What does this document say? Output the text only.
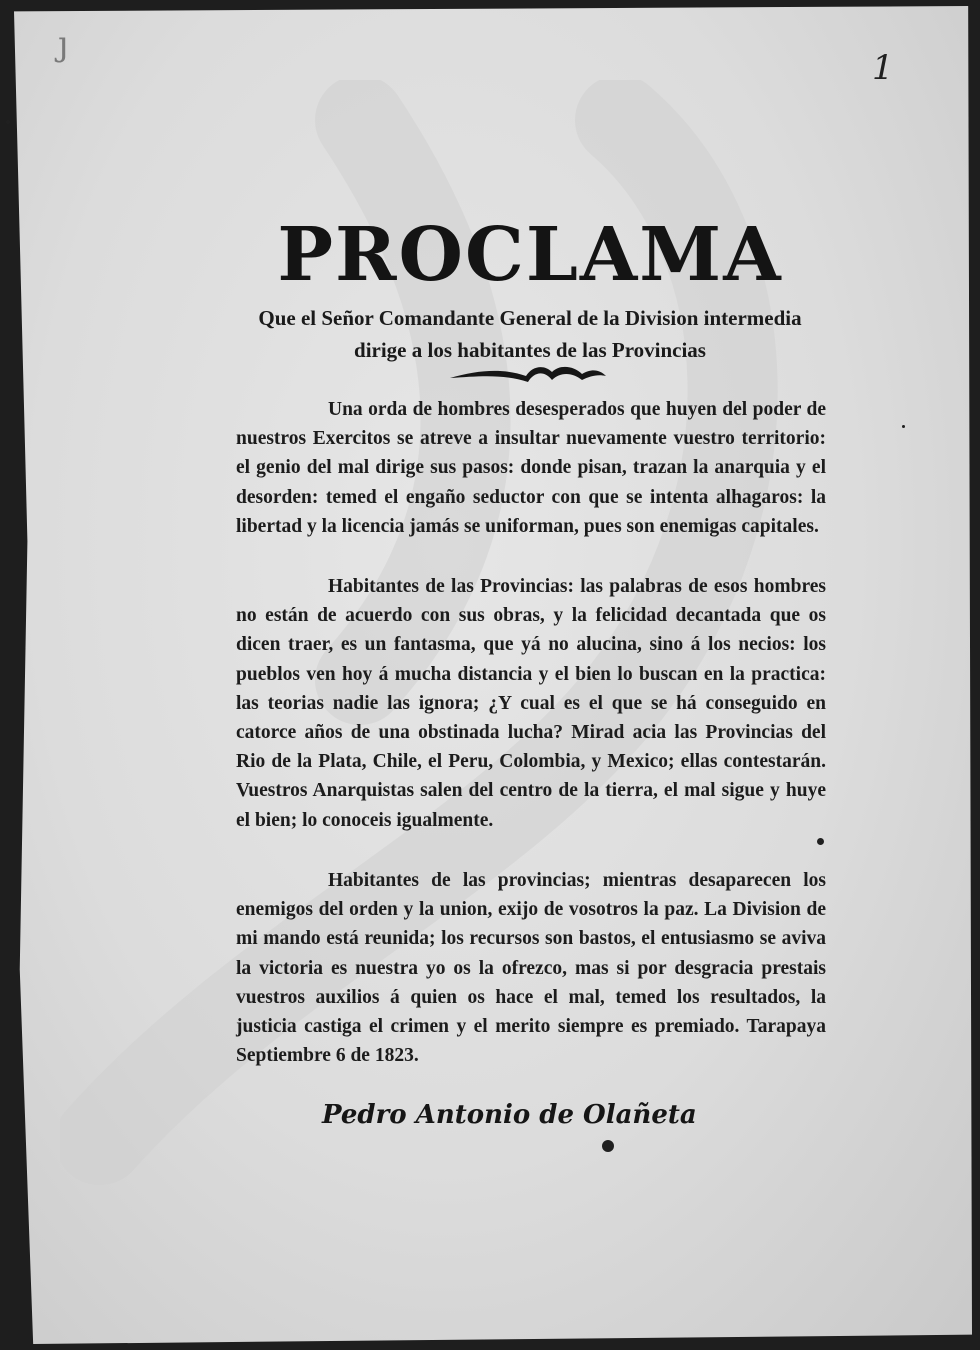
ȷ
1
PROCLAMA
Que el Señor Comandante General de la Division intermedia
dirige a los habitantes de las Provincias

Una orda de hombres desesperados que huyen del poder de nuestros Exercitos se atreve a insultar nuevamente vuestro territorio: el genio del mal dirige sus pasos: donde pisan, trazan la anarquia y el desorden: temed el engaño seductor con que se intenta alhagaros: la libertad y la licencia jamás se uniforman, pues son enemigas capitales.

Habitantes de las Provincias: las palabras de esos hombres no están de acuerdo con sus obras, y la felicidad decantada que os dicen traer, es un fantasma, que yá no alucina, sino á los necios: los pueblos ven hoy á mucha distancia y el bien lo buscan en la practica: las teorias nadie las ignora; ¿Y cual es el que se há conseguido en catorce años de una obstinada lucha? Mirad acia las Provincias del Rio de la Plata, Chile, el Peru, Colombia, y Mexico; ellas contestarán. Vuestros Anarquistas salen del centro de la tierra, el mal sigue y huye el bien; lo conoceis igualmente.

Habitantes de las provincias; mientras desaparecen los enemigos del orden y la union, exijo de vosotros la paz. La Division de mi mando está reunida; los recursos son bastos, el entusiasmo se aviva la victoria es nuestra yo os la ofrezco, mas si por desgracia prestais vuestros auxilios á quien os hace el mal, temed los resultados, la justicia castiga el crimen y el merito siempre es premiado. Tarapaya Septiembre 6 de 1823.

Pedro Antonio de Olañeta
